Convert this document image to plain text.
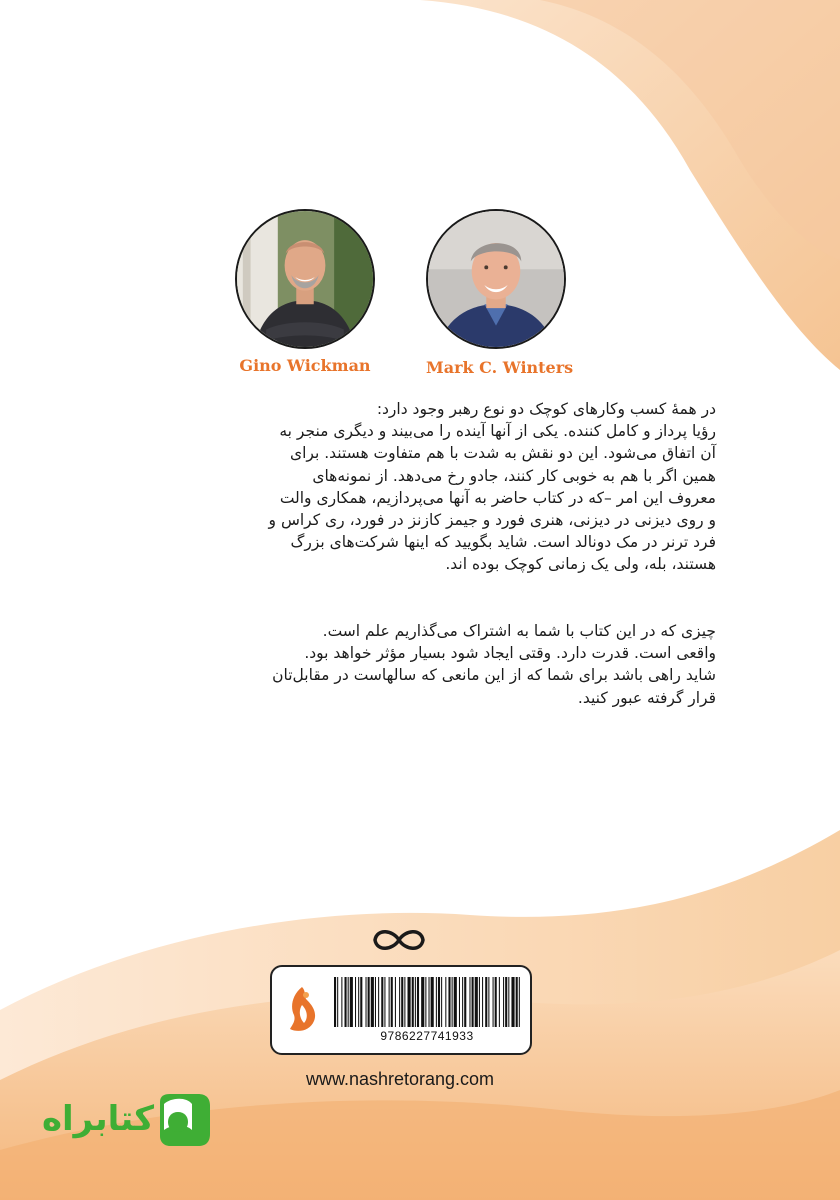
Mark C. Winters
Gino Wickman
در همه‌ٔ کسب وکارهای کوچک دو نوع رهبر وجود دارد:
رؤیا پرداز و کامل کننده. یکی از آنها آینده را می‌بیند و دیگری منجر به
آن اتفاق می‌شود. این دو نقش به شدت با هم متفاوت هستند. برای
همین اگر با هم به خوبی کار کنند، جادو رخ می‌دهد. از نمونه‌های
معروف این امر –که در کتاب حاضر به آنها می‌پردازیم، همکاری والت
و روی دیزنی در دیزنی، هنری فورد و جیمز کازنز در فورد، ری کراس و
فرد ترنر در مک دونالد است. شاید بگویید که اینها شرکت‌های بزرگ
هستند، بله، ولی یک زمانی کوچک بوده اند.
چیزی که در این کتاب با شما به اشتراک می‌گذاریم علم است.
واقعی است. قدرت دارد. وقتی ایجاد شود بسیار مؤثر خواهد بود.
شاید راهی باشد برای شما که از این مانعی که سالهاست در مقابل‌تان
قرار گرفته عبور کنید.
9786227741933
www.nashretorang.com
کتابراه
